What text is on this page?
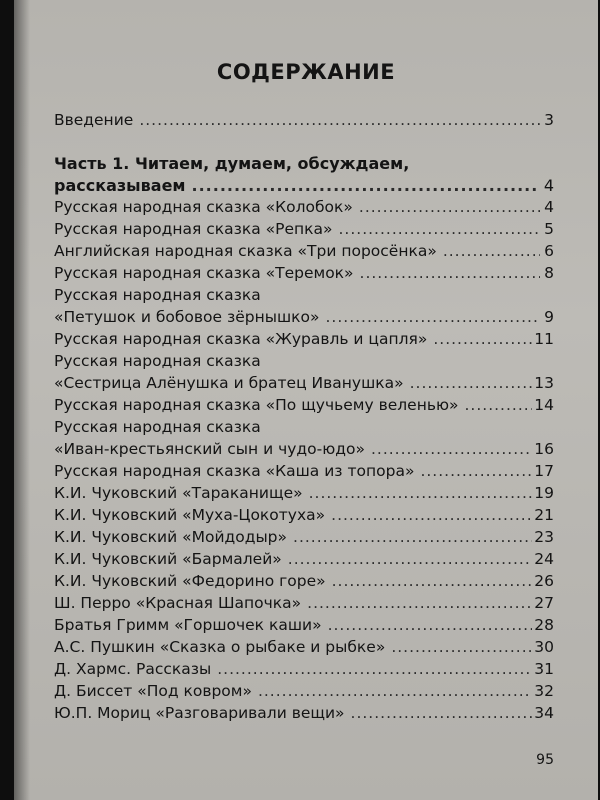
СОДЕРЖАНИЕ
Введение .....	3
Часть 1. Читаем, думаем, обсуждаем,
рассказываем .....	4
Русская народная сказка «Колобок» .....	4
Русская народная сказка «Репка» .....	5
Английская народная сказка «Три поросёнка» .....	6
Русская народная сказка «Теремок» .....	8
Русская народная сказка
«Петушок и бобовое зёрнышко» .....	9
Русская народная сказка «Журавль и цапля» .....	11
Русская народная сказка
«Сестрица Алёнушка и братец Иванушка» .....	13
Русская народная сказка «По щучьему веленью» .....	14
Русская народная сказка
«Иван-крестьянский сын и чудо-юдо» .....	16
Русская народная сказка «Каша из топора» .....	17
К.И. Чуковский «Тараканище» .....	19
К.И. Чуковский «Муха-Цокотуха» .....	21
К.И. Чуковский «Мойдодыр» .....	23
К.И. Чуковский «Бармалей» .....	24
К.И. Чуковский «Федорино горе» .....	26
Ш. Перро «Красная Шапочка» .....	27
Братья Гримм «Горшочек каши» .....	28
А.С. Пушкин «Сказка о рыбаке и рыбке» .....	30
Д. Хармс. Рассказы .....	31
Д. Биссет «Под ковром» .....	32
Ю.П. Мориц «Разговаривали вещи» .....	34
95
